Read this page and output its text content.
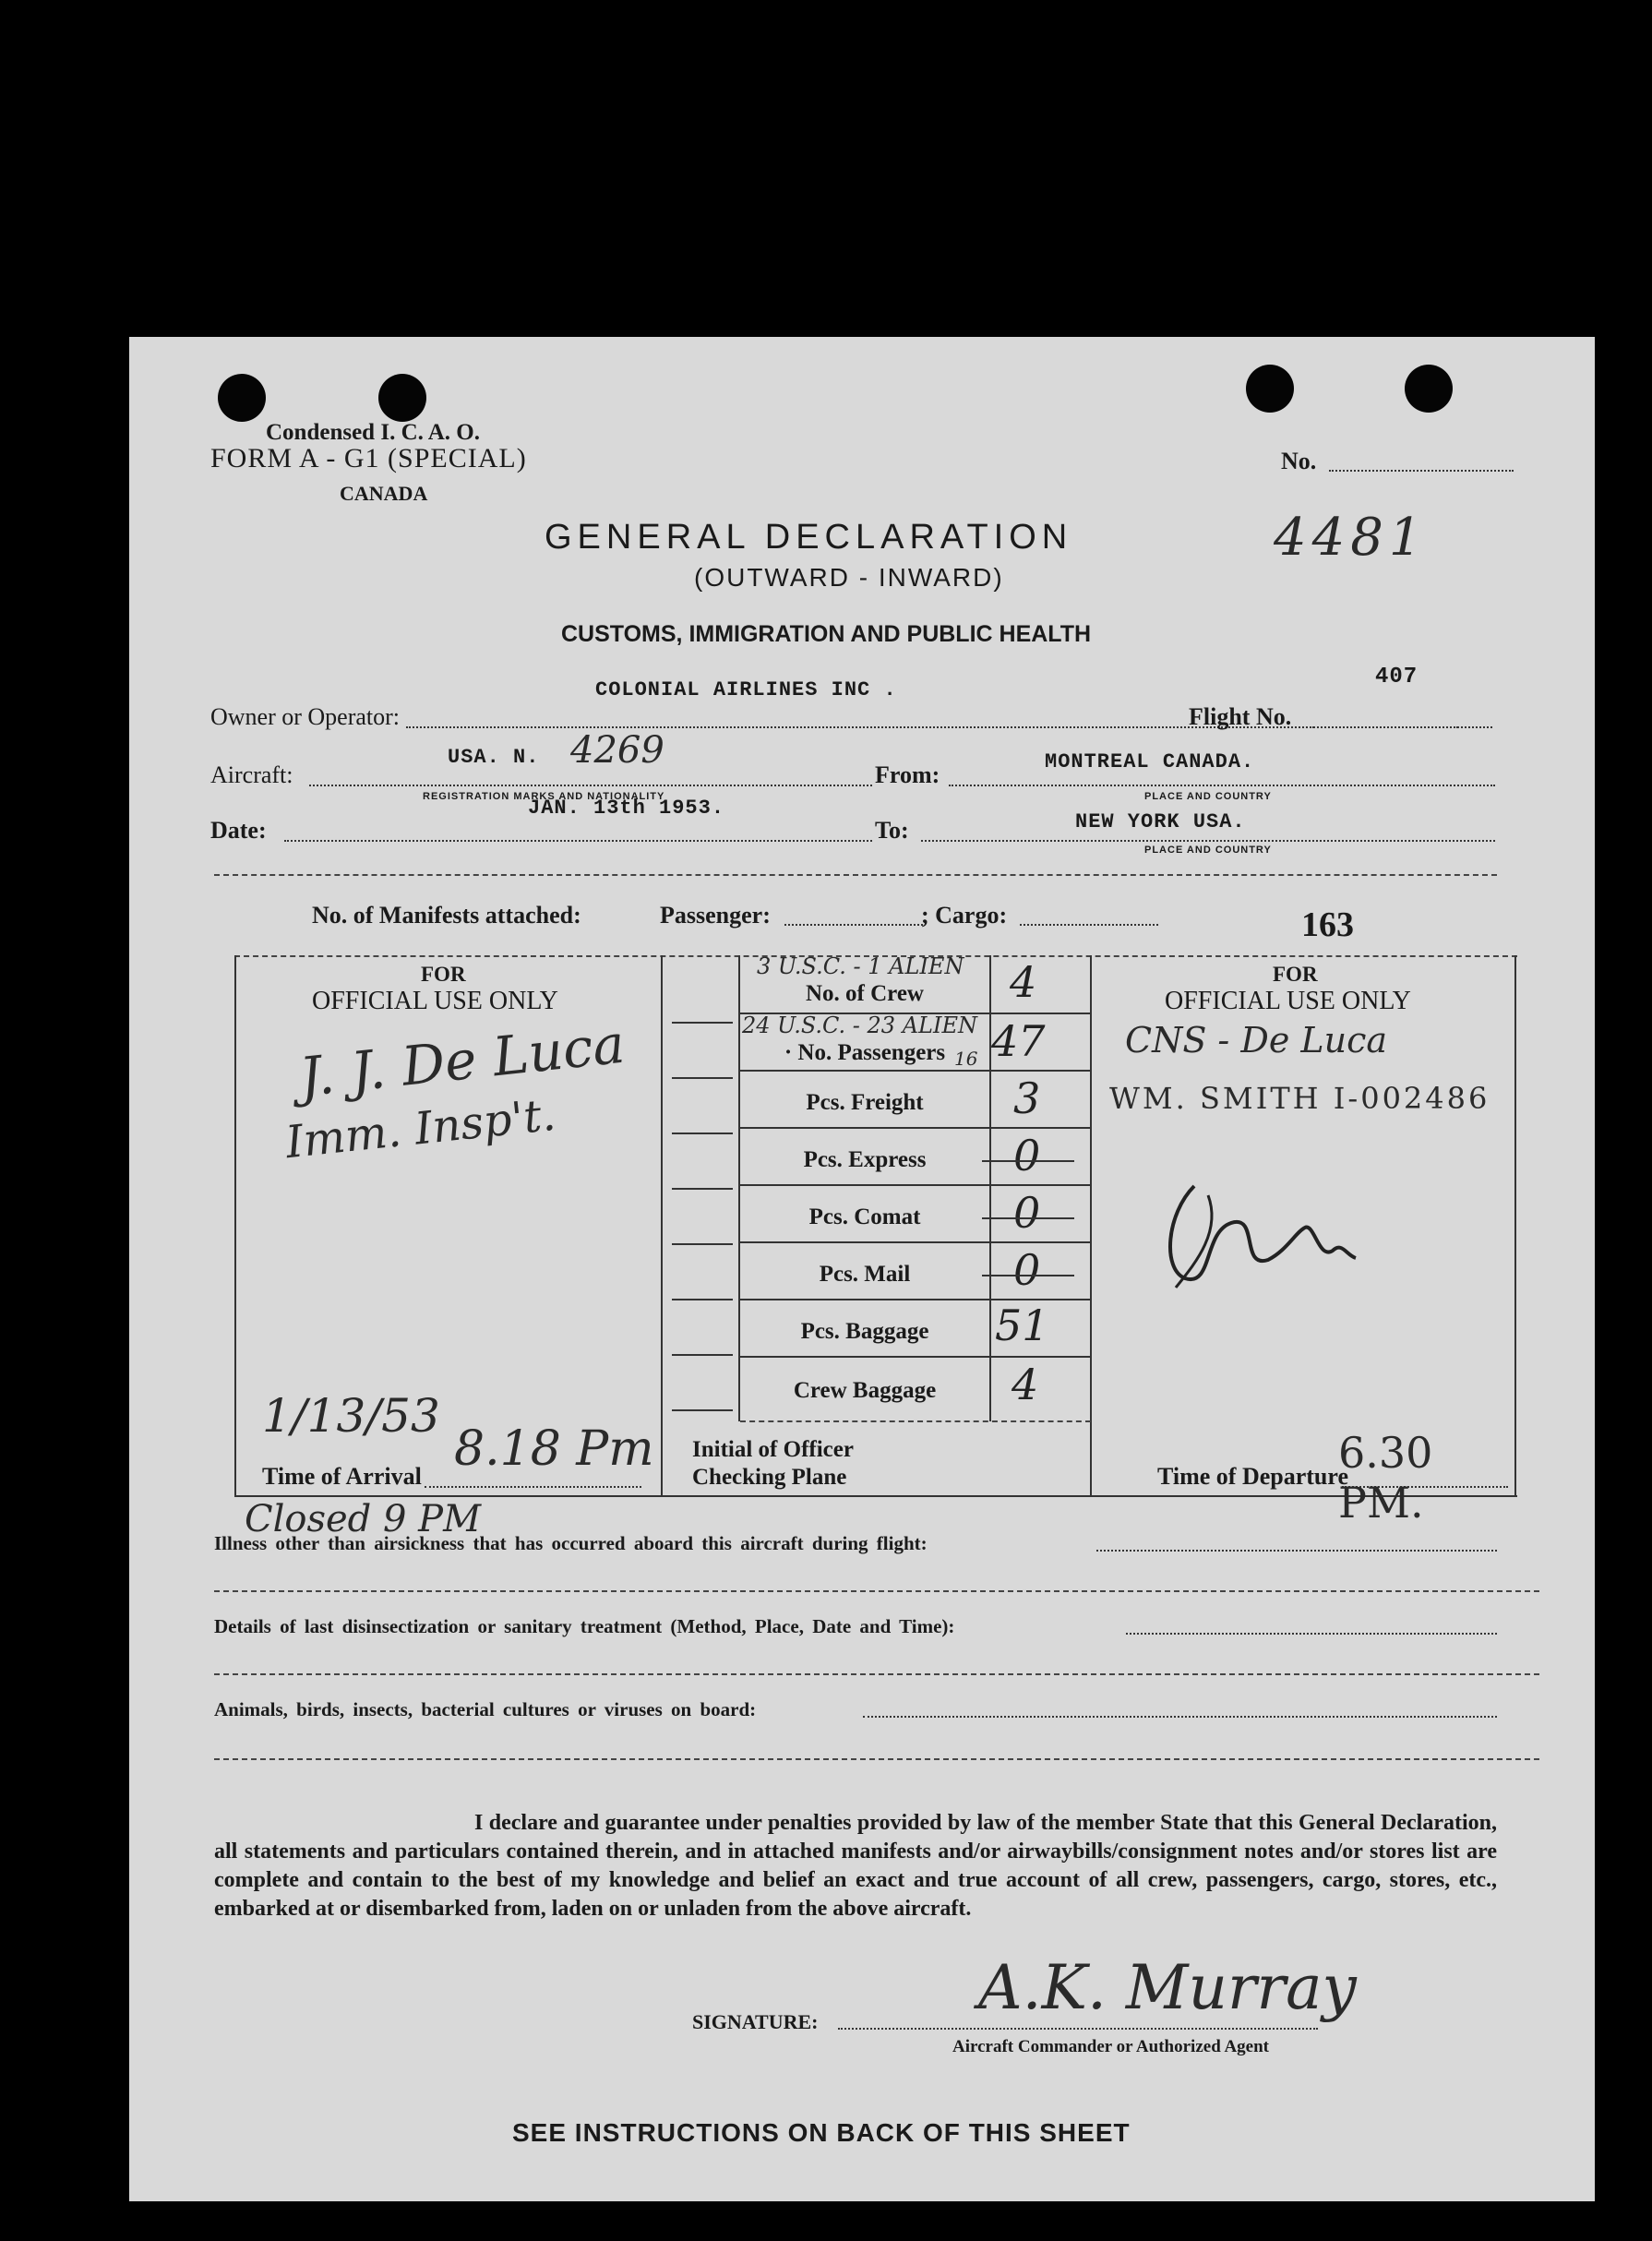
Condensed I. C. A. O.
FORM A - G1 (SPECIAL)
CANADA
No.
4481
GENERAL DECLARATION
(OUTWARD - INWARD)
CUSTOMS, IMMIGRATION AND PUBLIC HEALTH
Owner or Operator:
COLONIAL AIRLINES INC .
Flight No.
407
Aircraft:
USA. N. 4269
REGISTRATION MARKS AND NATIONALITY
From:	MONTREAL CANADA.
PLACE AND COUNTRY
Date:
JAN. 13th 1953.
To:	NEW YORK USA.
PLACE AND COUNTRY
No. of Manifests attached:	Passenger:	; Cargo:	163
FOR
OFFICIAL USE ONLY
J. J. De Luca
Imm. Insp't.
1/13/53
Time of Arrival 8.18 Pm
3 U.S.C. - 1 ALIEN
No. of Crew	4
24 U.S.C. - 23 ALIEN
· No. Passengers 16 47
Pcs. Freight	3
Pcs. Express	0
Pcs. Comat	0
Pcs. Mail	0
Pcs. Baggage	51
Crew Baggage	4
Initial of Officer
Checking Plane
FOR
OFFICIAL USE ONLY
CNS - De Luca
WM. SMITH I-002486
Time of Departure
6.30 PM.
Closed 9 PM
Illness other than airsickness that has occurred aboard this aircraft during flight:
Details of last disinsectization or sanitary treatment (Method, Place, Date and Time):
Animals, birds, insects, bacterial cultures or viruses on board:
I declare and guarantee under penalties provided by law of the member State that this General Declaration, all statements and particulars contained therein, and in attached manifests and/or airwaybills/consignment notes and/or stores list are complete and contain to the best of my knowledge and belief an exact and true account of all crew, passengers, cargo, stores, etc., embarked at or disembarked from, laden on or unladen from the above aircraft.
SIGNATURE:	A.K. Murray
Aircraft Commander or Authorized Agent
SEE INSTRUCTIONS ON BACK OF THIS SHEET
